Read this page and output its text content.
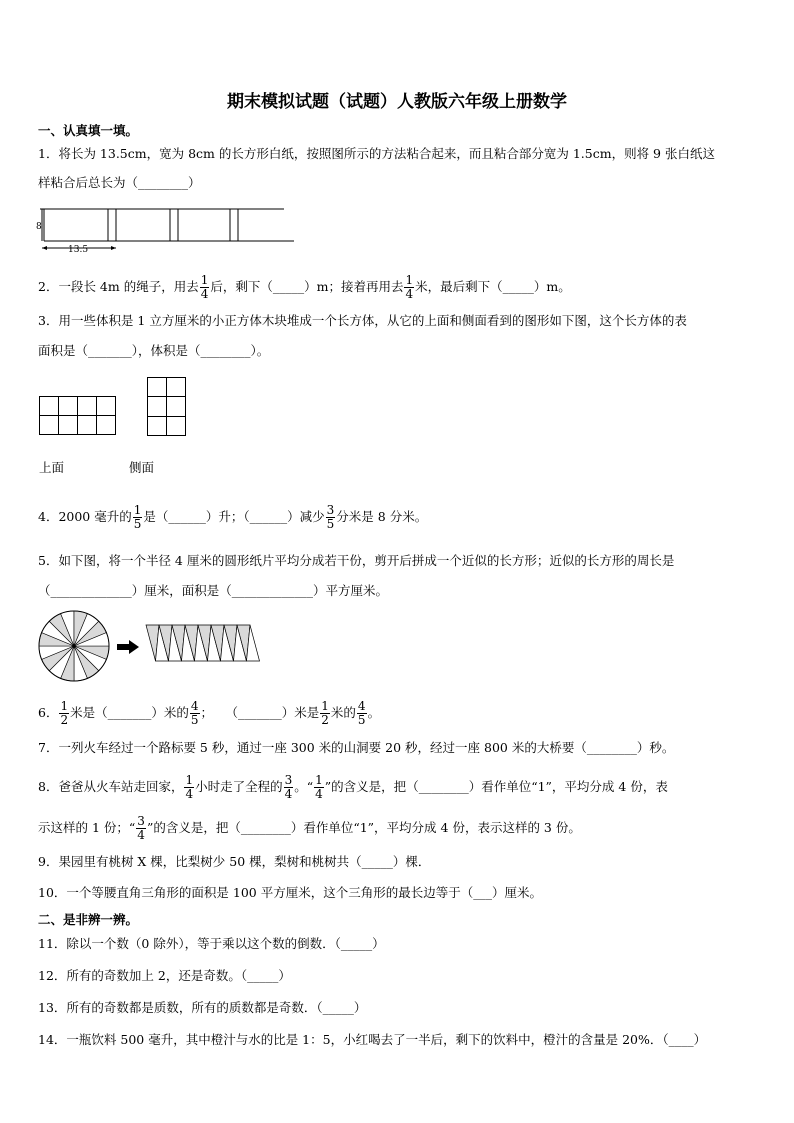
期末模拟试题（试题）人教版六年级上册数学
一、认真填一填。
1．将长为 13.5cm，宽为 8cm 的长方形白纸，按照图所示的方法粘合起来，而且粘合部分宽为 1.5cm，则将 9 张白纸这
样粘合后总长为（________）
8
13.5
2．一段长 4m 的绳子，用去 $\frac{1}{4}$ 后，剩下（_____）m；接着再用去 $\frac{1}{4}$ 米，最后剩下（_____）m。
3．用一些体积是 1 立方厘米的小正方体木块堆成一个长方体，从它的上面和侧面看到的图形如下图，这个长方体的表
面积是（_______），体积是（________）。
上面	侧面
4．2000 毫升的 $\frac{1}{5}$ 是（______）升；（______）减少 $\frac{3}{5}$ 分米是 8 分米。
5．如下图，将一个半径 4 厘米的圆形纸片平均分成若干份，剪开后拼成一个近似的长方形；近似的长方形的周长是
（_____________）厘米，面积是（_____________）平方厘米。
6． $\frac{1}{2}$ 米是（_______）米的 $\frac{4}{5}$ ；　　（_______）米是 $\frac{1}{2}$ 米的 $\frac{4}{5}$ 。
7．一列火车经过一个路标要 5 秒，通过一座 300 米的山洞要 20 秒，经过一座 800 米的大桥要（________）秒。
8．爸爸从火车站走回家， $\frac{1}{4}$ 小时走了全程的 $\frac{3}{4}$ 。“ $\frac{1}{4}$ ”的含义是，把（________）看作单位“1”，平均分成 4 份，表
示这样的 1 份；“ $\frac{3}{4}$ ”的含义是，把（________）看作单位“1”，平均分成 4 份，表示这样的 3 份。
9．果园里有桃树 X 棵，比梨树少 50 棵，梨树和桃树共（_____）棵．
10．一个等腰直角三角形的面积是 100 平方厘米，这个三角形的最长边等于（___）厘米。
二、是非辨一辨。
11．除以一个数（0 除外），等于乘以这个数的倒数．（_____）
12．所有的奇数加上 2，还是奇数。（_____）
13．所有的奇数都是质数，所有的质数都是奇数．（_____）
14．一瓶饮料 500 毫升，其中橙汁与水的比是 1：5，小红喝去了一半后，剩下的饮料中，橙汁的含量是 20%．（____）
